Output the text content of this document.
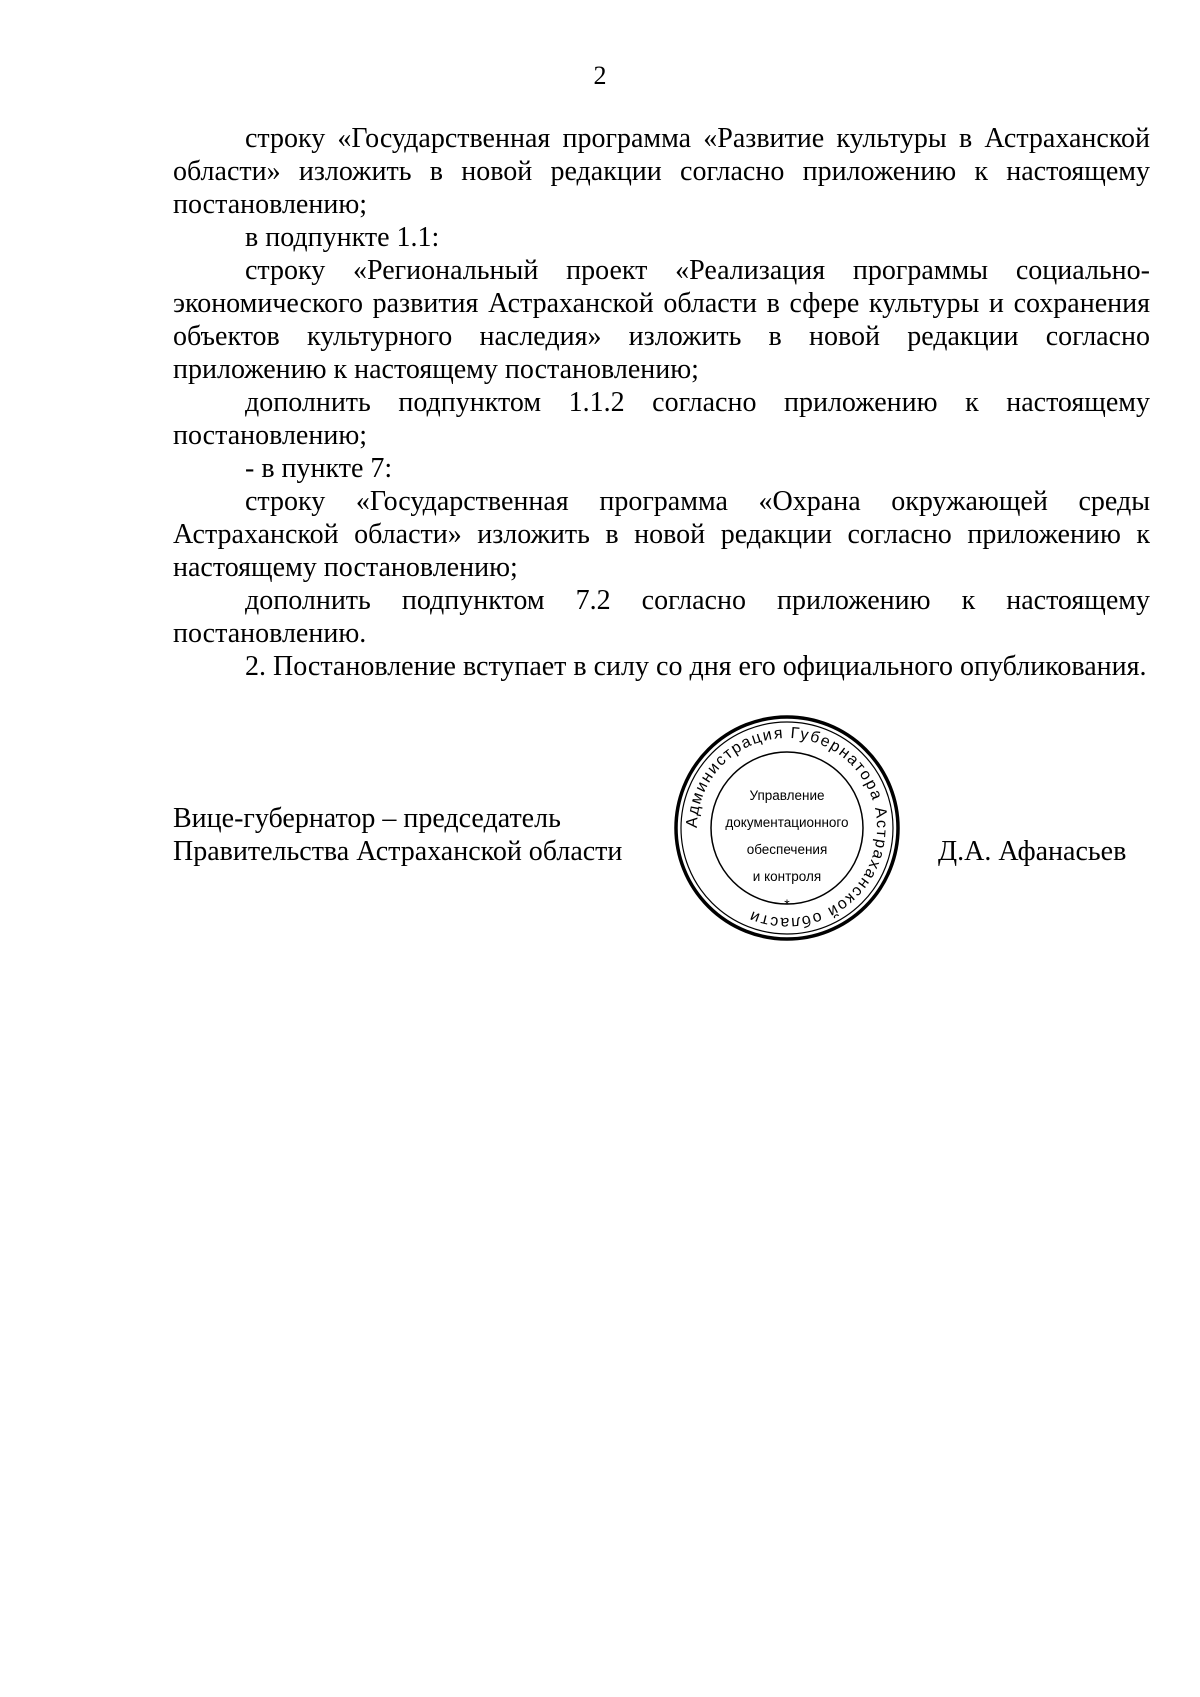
2

строку «Государственная программа «Развитие культуры в Астраханской области» изложить в новой редакции согласно приложению к настоящему постановлению;

в подпункте 1.1:

строку «Региональный проект «Реализация программы социально-экономического развития Астраханской области в сфере культуры и сохранения объектов культурного наследия» изложить в новой редакции согласно приложению к настоящему постановлению;

дополнить подпунктом 1.1.2 согласно приложению к настоящему постановлению;

- в пункте 7:

строку «Государственная программа «Охрана окружающей среды Астраханской области» изложить в новой редакции согласно приложению к настоящему постановлению;

дополнить подпунктом 7.2 согласно приложению к настоящему постановлению.

2. Постановление вступает в силу со дня его официального опубликования.

Вице-губернатор – председатель
Правительства Астраханской области
Администрация Губернатора Астраханской области
*
Управление
документационного
обеспечения
и контроля
Д.А. Афанасьев
